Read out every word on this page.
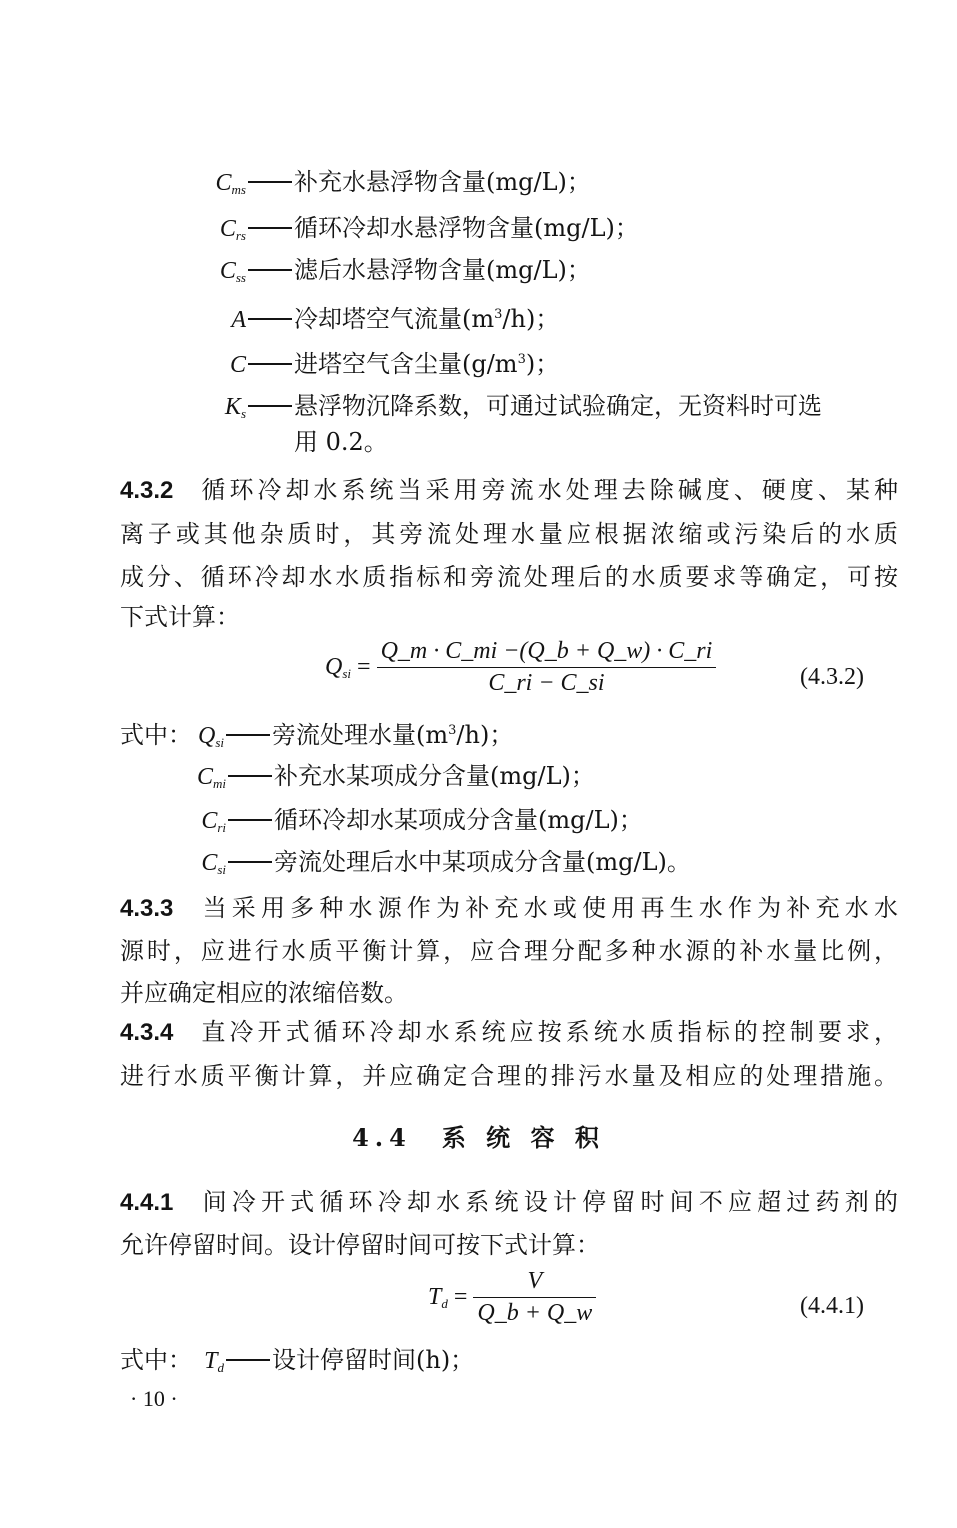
$C_{ms}$ 补充水悬浮物含量(mg/L)；
$C_{rs}$ 循环冷却水悬浮物含量(mg/L)；
$C_{ss}$ 滤后水悬浮物含量(mg/L)；
A 冷却塔空气流量$(m^3/h)$；
C 进塔空气含尘量$(g/m^3)$；
$K_s$ 悬浮物沉降系数，可通过试验确定，无资料时可选
用 0.2。
4.3.2 循环冷却水系统当采用旁流水处理去除碱度、硬度、某种
离子或其他杂质时，其旁流处理水量应根据浓缩或污染后的水质
成分、循环冷却水水质指标和旁流处理后的水质要求等确定，可按
下式计算：
$Q_{si} = \frac{Q\_m \cdot C\_mi -(Q\_b + Q\_w) \cdot C\_ri}{C\_ri - C\_si}$	(4.3.2)
式中： $Q_{si}$ 旁流处理水量$(m^3/h)$；
$C_{mi}$ 补充水某项成分含量(mg/L)；
$C_{ri}$ 循环冷却水某项成分含量(mg/L)；
$C_{si}$ 旁流处理后水中某项成分含量(mg/L)。
4.3.3 当采用多种水源作为补充水或使用再生水作为补充水水
源时，应进行水质平衡计算，应合理分配多种水源的补水量比例，
并应确定相应的浓缩倍数。
4.3.4 直冷开式循环冷却水系统应按系统水质指标的控制要求，
进行水质平衡计算，并应确定合理的排污水量及相应的处理措施。
4.4　系 统 容 积
4.4.1 间冷开式循环冷却水系统设计停留时间不应超过药剂的
允许停留时间。设计停留时间可按下式计算：
$T_d = \frac{V}{Q\_b + Q\_w}$	(4.4.1)
式中： $T_d$ 设计停留时间(h)；
· 10 ·
